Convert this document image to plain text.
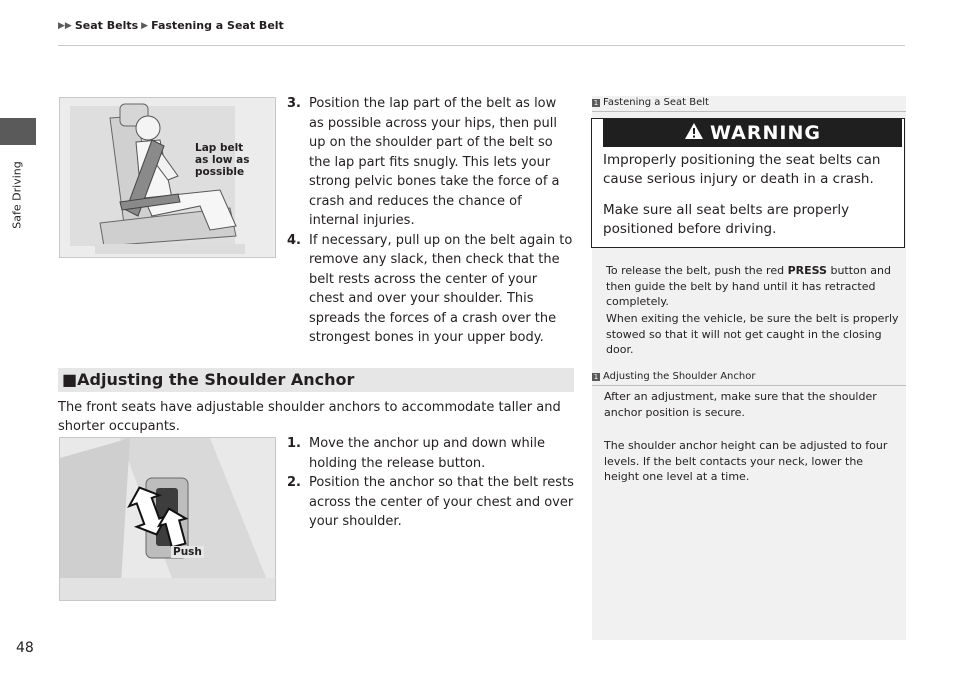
▶▶ Seat Belts ▶ Fastening a Seat Belt
Safe Driving
Lap belt
as low as
possible
3. Position the lap part of the belt as low as possible across your hips, then pull up on the shoulder part of the belt so the lap part fits snugly. This lets your strong pelvic bones take the force of a crash and reduces the chance of internal injuries.
4. If necessary, pull up on the belt again to remove any slack, then check that the belt rests across the center of your chest and over your shoulder. This spreads the forces of a crash over the strongest bones in your upper body.
■Adjusting the Shoulder Anchor
The front seats have adjustable shoulder anchors to accommodate taller and shorter occupants.
Push
1. Move the anchor up and down while holding the release button.
2. Position the anchor so that the belt rests across the center of your chest and over your shoulder.
1 Fastening a Seat Belt
WARNING
Improperly positioning the seat belts can cause serious injury or death in a crash.
Make sure all seat belts are properly positioned before driving.
To release the belt, push the red PRESS button and then guide the belt by hand until it has retracted completely.
When exiting the vehicle, be sure the belt is properly stowed so that it will not get caught in the closing door.
1 Adjusting the Shoulder Anchor
After an adjustment, make sure that the shoulder anchor position is secure.
The shoulder anchor height can be adjusted to four levels. If the belt contacts your neck, lower the height one level at a time.
48
